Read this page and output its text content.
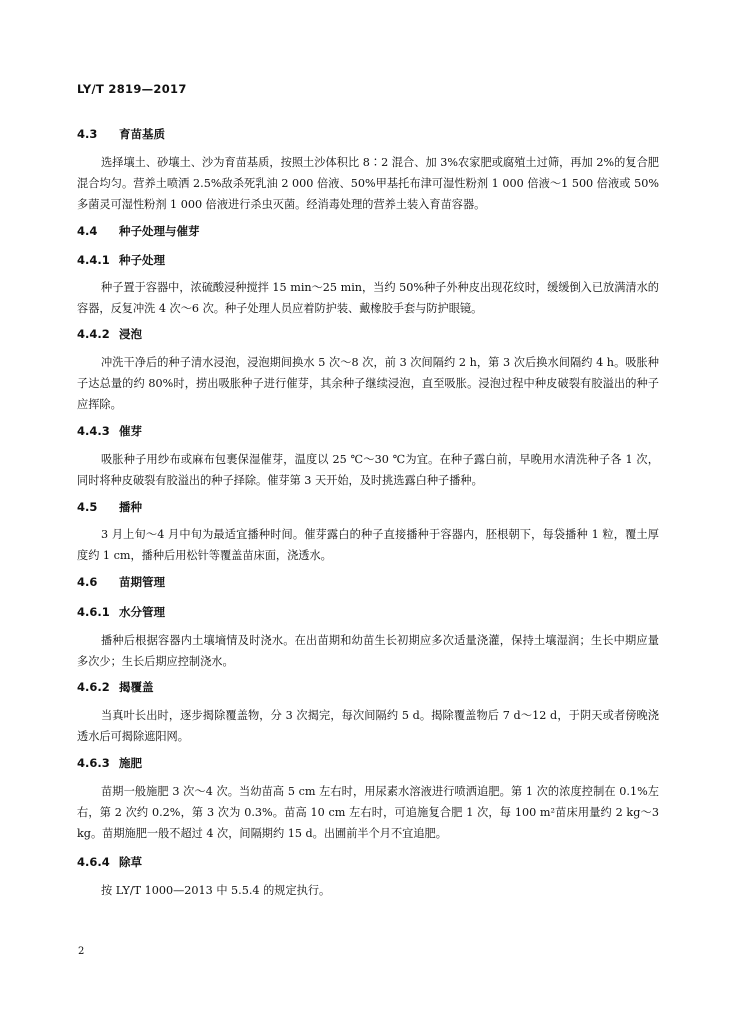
LY/T 2819—2017
4.3 育苗基质
选择壤土、砂壤土、沙为育苗基质，按照土沙体积比 8∶2 混合、加 3%农家肥或腐殖土过筛，再加 2%的复合肥混合均匀。营养土喷洒 2.5%敌杀死乳油 2 000 倍液、50%甲基托布津可湿性粉剂 1 000 倍液～1 500 倍液或 50%多菌灵可湿性粉剂 1 000 倍液进行杀虫灭菌。经消毒处理的营养土装入育苗容器。
4.4 种子处理与催芽
4.4.1 种子处理
种子置于容器中，浓硫酸浸种搅拌 15 min～25 min，当约 50%种子外种皮出现花纹时，缓缓倒入已放满清水的容器，反复冲洗 4 次～6 次。种子处理人员应着防护装、戴橡胶手套与防护眼镜。
4.4.2 浸泡
冲洗干净后的种子清水浸泡，浸泡期间换水 5 次～8 次，前 3 次间隔约 2 h，第 3 次后换水间隔约 4 h。吸胀种子达总量的约 80%时，捞出吸胀种子进行催芽，其余种子继续浸泡，直至吸胀。浸泡过程中种皮破裂有胶溢出的种子应挥除。
4.4.3 催芽
吸胀种子用纱布或麻布包裹保湿催芽，温度以 25 ℃～30 ℃为宜。在种子露白前，早晚用水清洗种子各 1 次，同时将种皮破裂有胶溢出的种子择除。催芽第 3 天开始，及时挑选露白种子播种。
4.5 播种
3 月上旬～4 月中旬为最适宜播种时间。催芽露白的种子直接播种于容器内，胚根朝下，每袋播种 1 粒，覆土厚度约 1 cm，播种后用松针等覆盖苗床面，浇透水。
4.6 苗期管理
4.6.1 水分管理
播种后根据容器内土壤墒情及时浇水。在出苗期和幼苗生长初期应多次适量浇灌，保持土壤湿润；生长中期应量多次少；生长后期应控制浇水。
4.6.2 揭覆盖
当真叶长出时，逐步揭除覆盖物，分 3 次揭完，每次间隔约 5 d。揭除覆盖物后 7 d～12 d，于阴天或者傍晚浇透水后可揭除遮阳网。
4.6.3 施肥
苗期一般施肥 3 次～4 次。当幼苗高 5 cm 左右时，用尿素水溶液进行喷洒追肥。第 1 次的浓度控制在 0.1%左右，第 2 次约 0.2%，第 3 次为 0.3%。苗高 10 cm 左右时，可追施复合肥 1 次，每 100 m²苗床用量约 2 kg～3 kg。苗期施肥一般不超过 4 次，间隔期约 15 d。出圃前半个月不宜追肥。
4.6.4 除草
按 LY/T 1000—2013 中 5.5.4 的规定执行。
2
